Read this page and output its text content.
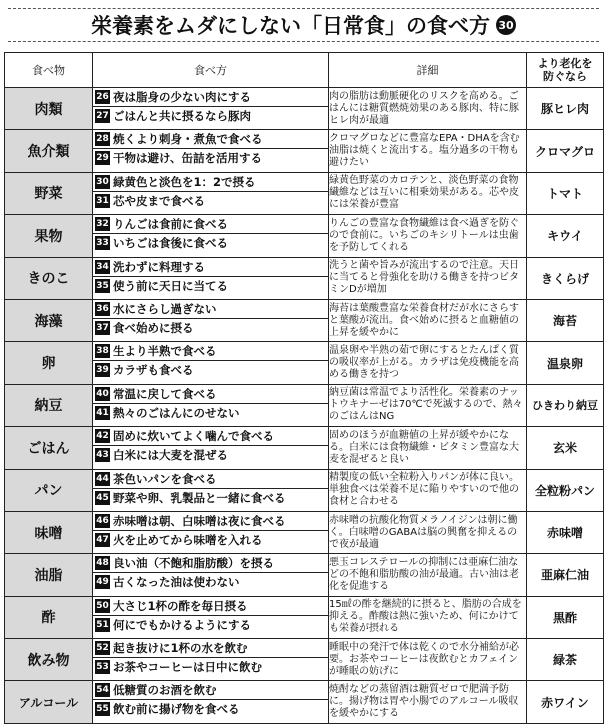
栄養素をムダにしない「日常食」の食べ方 30
食べ物	食べ方	詳細	より老化を
防ぐなら
肉類	26 夜は脂身の少ない肉にする
27 ごはんと共に摂るなら豚肉	肉の脂肪は動脈硬化のリスクを高める。ごはんには糖質燃焼効果のある豚肉、特に豚ヒレ肉が最適	豚ヒレ肉
魚介類	28 焼くより刺身・煮魚で食べる
29 干物は避け、缶詰を活用する	クロマグロなどに豊富なEPA・DHAを含む油脂は焼くと流出する。塩分過多の干物も避けたい	クロマグロ
野菜	30 緑黄色と淡色を1：2で摂る
31 芯や皮まで食べる	緑黄色野菜のカロテンと、淡色野菜の食物繊維などは互いに相乗効果がある。芯や皮には栄養が豊富	トマト
果物	32 りんごは食前に食べる
33 いちごは食後に食べる	りんごの豊富な食物繊維は食べ過ぎを防ぐので食前に。いちごのキシリトールは虫歯を予防してくれる	キウイ
きのこ	34 洗わずに料理する
35 使う前に天日に当てる	洗うと菌や旨みが流出するので注意。天日に当てると骨強化を助ける働きを持つビタミンDが増加	きくらげ
海藻	36 水にさらし過ぎない
37 食べ始めに摂る	海苔は葉酸豊富な栄養食材だが水にさらすと葉酸が流出。食べ始めに摂ると血糖値の上昇を緩やかに	海苔
卵	38 生より半熟で食べる
39 カラザも食べる	温泉卵や半熟の茹で卵にするとたんぱく質の吸収率が上がる。カラザは免疫機能を高める働きを持つ	温泉卵
納豆	40 常温に戻して食べる
41 熱々のごはんにのせない	納豆菌は常温でより活性化。栄養素のナットウキナーゼは70℃で死滅するので、熱々のごはんはNG	ひきわり納豆
ごはん	42 固めに炊いてよく噛んで食べる
43 白米には大麦を混ぜる	固めのほうが血糖値の上昇が緩やかになる。白米には食物繊維・ビタミン豊富な大麦を混ぜると良い	玄米
パン	44 茶色いパンを食べる
45 野菜や卵、乳製品と一緒に食べる	精製度の低い全粒粉入りパンが体に良い。単独食べは栄養不足に陥りやすいので他の食材と合わせる	全粒粉パン
味噌	46 赤味噌は朝、白味噌は夜に食べる
47 火を止めてから味噌を入れる	赤味噌の抗酸化物質メラノイジンは朝に働く。白味噌のGABAは脳の興奮を抑えるので夜が最適	赤味噌
油脂	48 良い油（不飽和脂肪酸）を摂る
49 古くなった油は使わない	悪玉コレステロールの抑制には亜麻仁油などの不飽和脂肪酸の油が最適。古い油は老化を促進する	亜麻仁油
酢	50 大さじ1杯の酢を毎日摂る
51 何にでもかけるようにする	15㎖の酢を継続的に摂ると、脂肪の合成を抑える。酢酸は熱に強いため、何にかけても栄養が摂れる	黒酢
飲み物	52 起き抜けに1杯の水を飲む
53 お茶やコーヒーは日中に飲む	睡眠中の発汗で体は乾くので水分補給が必要。お茶やコーヒーは夜飲むとカフェインが睡眠の妨げに	緑茶
アルコール	54 低糖質のお酒を飲む
55 飲む前に揚げ物を食べる	焼酎などの蒸留酒は糖質ゼロで肥満予防に。揚げ物は胃や小腸でのアルコール吸収を緩やかにする	赤ワイン
